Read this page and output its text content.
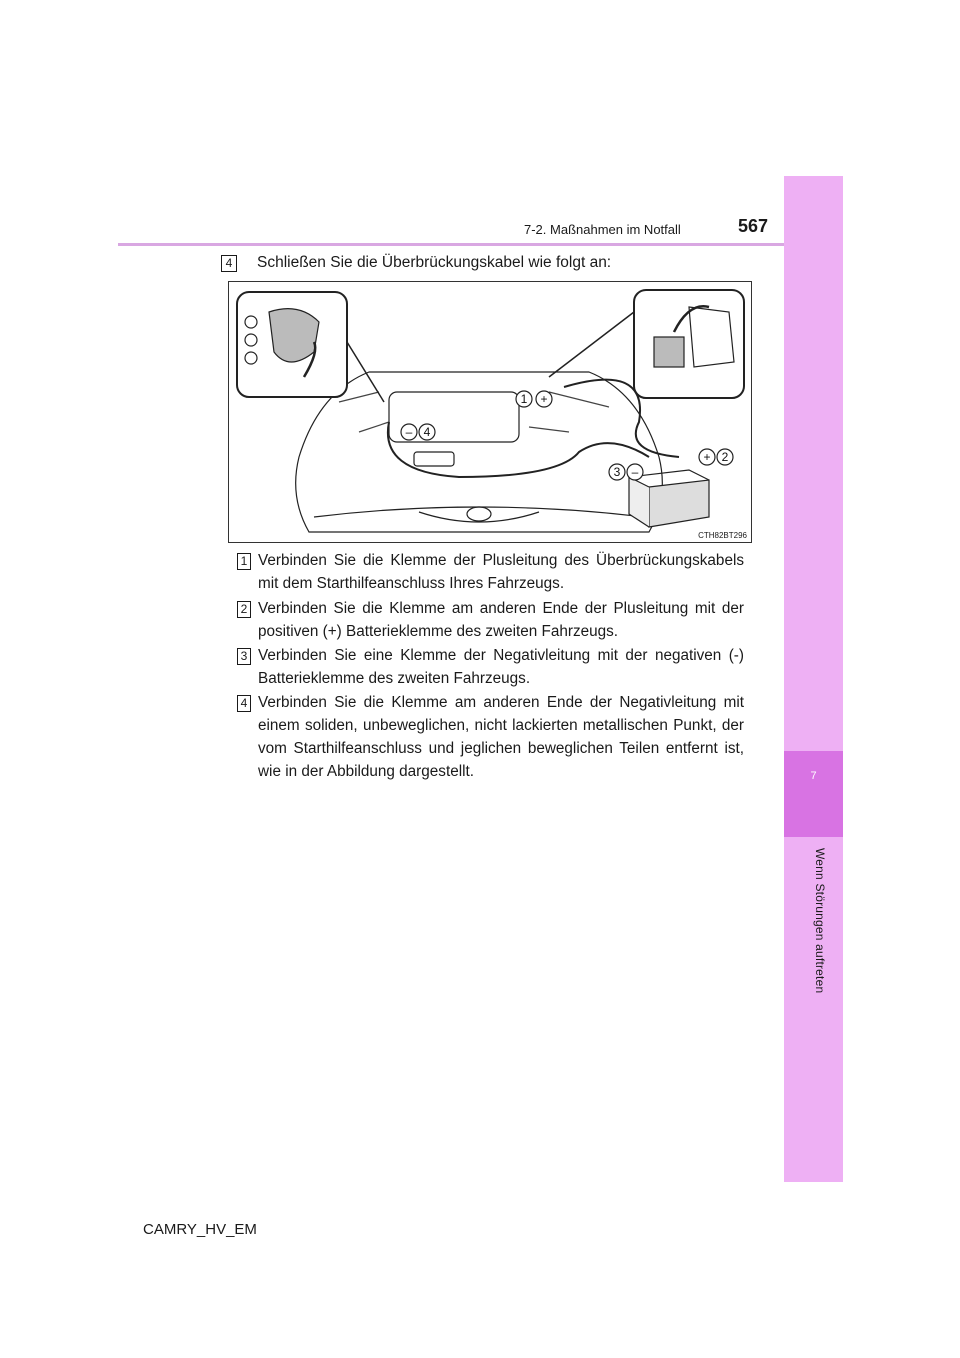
7
Wenn Störungen auftreten
7-2. Maßnahmen im Notfall	567
4	Schließen Sie die Überbrückungskabel wie folgt an:
1 +
– 4
3 –
+ 2
CTH82BT296
1 Verbinden Sie die Klemme der Plusleitung des Überbrückungskabels mit dem Starthilfeanschluss Ihres Fahrzeugs.
2 Verbinden Sie die Klemme am anderen Ende der Plusleitung mit der positiven (+) Batterieklemme des zweiten Fahrzeugs.
3 Verbinden Sie eine Klemme der Negativleitung mit der negativen (-) Batterieklemme des zweiten Fahrzeugs.
4 Verbinden Sie die Klemme am anderen Ende der Negativleitung mit einem soliden, unbeweglichen, nicht lackierten metallischen Punkt, der vom Starthilfeanschluss und jeglichen beweglichen Teilen entfernt ist, wie in der Abbildung dargestellt.
CAMRY_HV_EM
